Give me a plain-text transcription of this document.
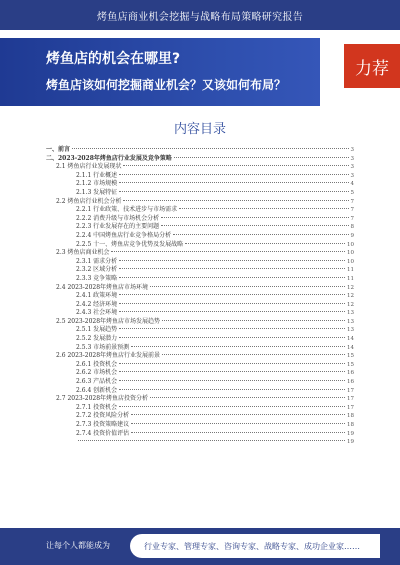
烤鱼店商业机会挖掘与战略布局策略研究报告
烤鱼店的机会在哪里?
烤鱼店该如何挖掘商业机会？又该如何布局？
力荐
内容目录
一、前言	3
二、2023-2028年烤鱼店行业发展及竞争策略	3
2.1 烤鱼店行业发展现状	3
2.1.1 行业概述	3
2.1.2 市场规模	4
2.1.3 发展特征	5
2.2 烤鱼店行业机会分析	7
2.2.1 行业政策、技术进步与市场需求	7
2.2.2 消费升级与市场机会分析	7
2.2.3 行业发展存在的主要问题	8
2.2.4 中国烤鱼店行业竞争格局分析	9
2.2.5 十一、烤鱼店竞争优势及发展战略	10
2.3 烤鱼店商业机会	10
2.3.1 需求分析	10
2.3.2 区域分析	11
2.3.3 竞争策略	11
2.4 2023-2028年烤鱼店市场环境	12
2.4.1 政策环境	12
2.4.2 经济环境	12
2.4.3 社会环境	13
2.5 2023-2028年烤鱼店市场发展趋势	13
2.5.1 发展趋势	13
2.5.2 发展潜力	14
2.5.3 市场前景预测	14
2.6 2023-2028年烤鱼店行业发展前景	15
2.6.1 投资机会	15
2.6.2 市场机会	16
2.6.3 产品机会	16
2.6.4 创新机会	17
2.7 2023-2028年烤鱼店投资分析	17
2.7.1 投资机会	17
2.7.2 投资风险分析	18
2.7.3 投资策略建议	18
2.7.4 投资价值评估	19
19
让每个人都能成为	行业专家、管理专家、咨询专家、战略专家、成功企业家……
